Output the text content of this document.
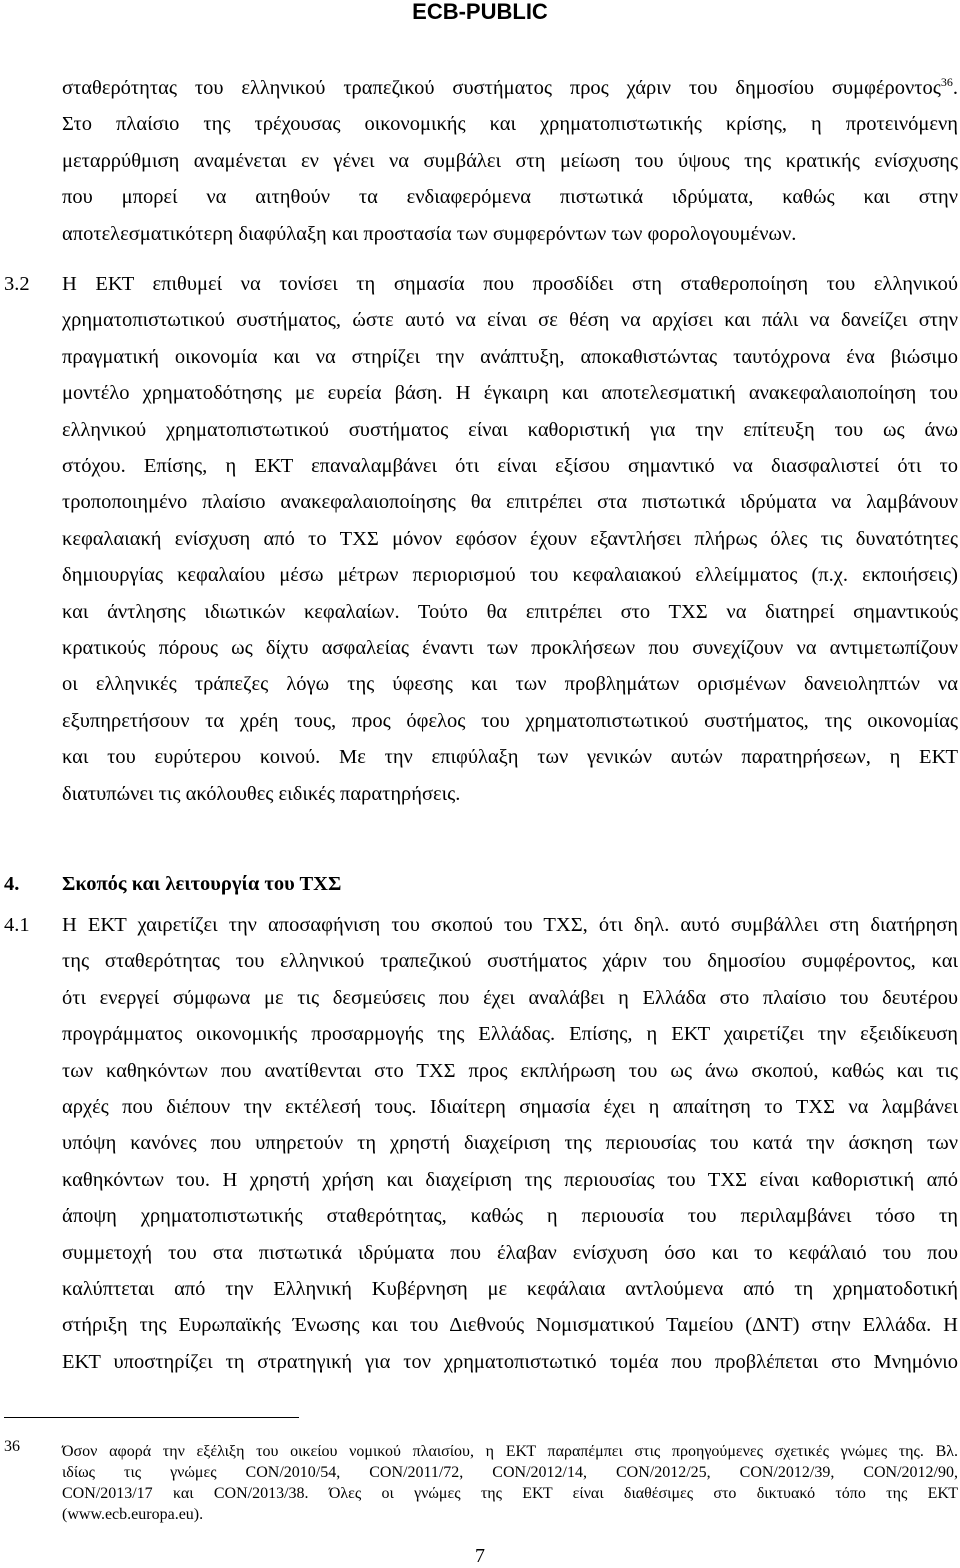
ECB-PUBLIC
σταθερότητας του ελληνικού τραπεζικού συστήματος προς χάριν του δημοσίου συμφέροντος$^{36}$.
Στο πλαίσιο της τρέχουσας οικονομικής και χρηματοπιστωτικής κρίσης, η προτεινόμενη
μεταρρύθμιση αναμένεται εν γένει να συμβάλει στη μείωση του ύψους της κρατικής ενίσχυσης
που μπορεί να αιτηθούν τα ενδιαφερόμενα πιστωτικά ιδρύματα, καθώς και στην
αποτελεσματικότερη διαφύλαξη και προστασία των συμφερόντων των φορολογουμένων.
3.2 Η ΕΚΤ επιθυμεί να τονίσει τη σημασία που προσδίδει στη σταθεροποίηση του ελληνικού
χρηματοπιστωτικού συστήματος, ώστε αυτό να είναι σε θέση να αρχίσει και πάλι να δανείζει στην
πραγματική οικονομία και να στηρίζει την ανάπτυξη, αποκαθιστώντας ταυτόχρονα ένα βιώσιμο
μοντέλο χρηματοδότησης με ευρεία βάση. Η έγκαιρη και αποτελεσματική ανακεφαλαιοποίηση του
ελληνικού χρηματοπιστωτικού συστήματος είναι καθοριστική για την επίτευξη του ως άνω
στόχου. Επίσης, η ΕΚΤ επαναλαμβάνει ότι είναι εξίσου σημαντικό να διασφαλιστεί ότι το
τροποποιημένο πλαίσιο ανακεφαλαιοποίησης θα επιτρέπει στα πιστωτικά ιδρύματα να λαμβάνουν
κεφαλαιακή ενίσχυση από το ΤΧΣ μόνον εφόσον έχουν εξαντλήσει πλήρως όλες τις δυνατότητες
δημιουργίας κεφαλαίου μέσω μέτρων περιορισμού του κεφαλαιακού ελλείμματος (π.χ. εκποιήσεις)
και άντλησης ιδιωτικών κεφαλαίων. Τούτο θα επιτρέπει στο ΤΧΣ να διατηρεί σημαντικούς
κρατικούς πόρους ως δίχτυ ασφαλείας έναντι των προκλήσεων που συνεχίζουν να αντιμετωπίζουν
οι ελληνικές τράπεζες λόγω της ύφεσης και των προβλημάτων ορισμένων δανειοληπτών να
εξυπηρετήσουν τα χρέη τους, προς όφελος του χρηματοπιστωτικού συστήματος, της οικονομίας
και του ευρύτερου κοινού. Με την επιφύλαξη των γενικών αυτών παρατηρήσεων, η ΕΚΤ
διατυπώνει τις ακόλουθες ειδικές παρατηρήσεις.
4. Σκοπός και λειτουργία του ΤΧΣ
4.1 Η ΕΚΤ χαιρετίζει την αποσαφήνιση του σκοπού του ΤΧΣ, ότι δηλ. αυτό συμβάλλει στη διατήρηση
της σταθερότητας του ελληνικού τραπεζικού συστήματος χάριν του δημοσίου συμφέροντος, και
ότι ενεργεί σύμφωνα με τις δεσμεύσεις που έχει αναλάβει η Ελλάδα στο πλαίσιο του δευτέρου
προγράμματος οικονομικής προσαρμογής της Ελλάδας. Επίσης, η ΕΚΤ χαιρετίζει την εξειδίκευση
των καθηκόντων που ανατίθενται στο ΤΧΣ προς εκπλήρωση του ως άνω σκοπού, καθώς και τις
αρχές που διέπουν την εκτέλεσή τους. Ιδιαίτερη σημασία έχει η απαίτηση το ΤΧΣ να λαμβάνει
υπόψη κανόνες που υπηρετούν τη χρηστή διαχείριση της περιουσίας του κατά την άσκηση των
καθηκόντων του. Η χρηστή χρήση και διαχείριση της περιουσίας του ΤΧΣ είναι καθοριστική από
άποψη χρηματοπιστωτικής σταθερότητας, καθώς η περιουσία του περιλαμβάνει τόσο τη
συμμετοχή του στα πιστωτικά ιδρύματα που έλαβαν ενίσχυση όσο και το κεφάλαιό του που
καλύπτεται από την Ελληνική Κυβέρνηση με κεφάλαια αντλούμενα από τη χρηματοδοτική
στήριξη της Ευρωπαϊκής Ένωσης και του Διεθνούς Νομισματικού Ταμείου (ΔΝΤ) στην Ελλάδα. Η
ΕΚΤ υποστηρίζει τη στρατηγική για τον χρηματοπιστωτικό τομέα που προβλέπεται στο Μνημόνιο
36	Όσον αφορά την εξέλιξη του οικείου νομικού πλαισίου, η ΕΚΤ παραπέμπει στις προηγούμενες σχετικές γνώμες της. Βλ.
ιδίως τις γνώμες CON/2010/54, CON/2011/72, CON/2012/14, CON/2012/25, CON/2012/39, CON/2012/90,
CON/2013/17 και CON/2013/38. Όλες οι γνώμες της ΕΚΤ είναι διαθέσιμες στο δικτυακό τόπο της ΕΚΤ
(www.ecb.europa.eu).
7
